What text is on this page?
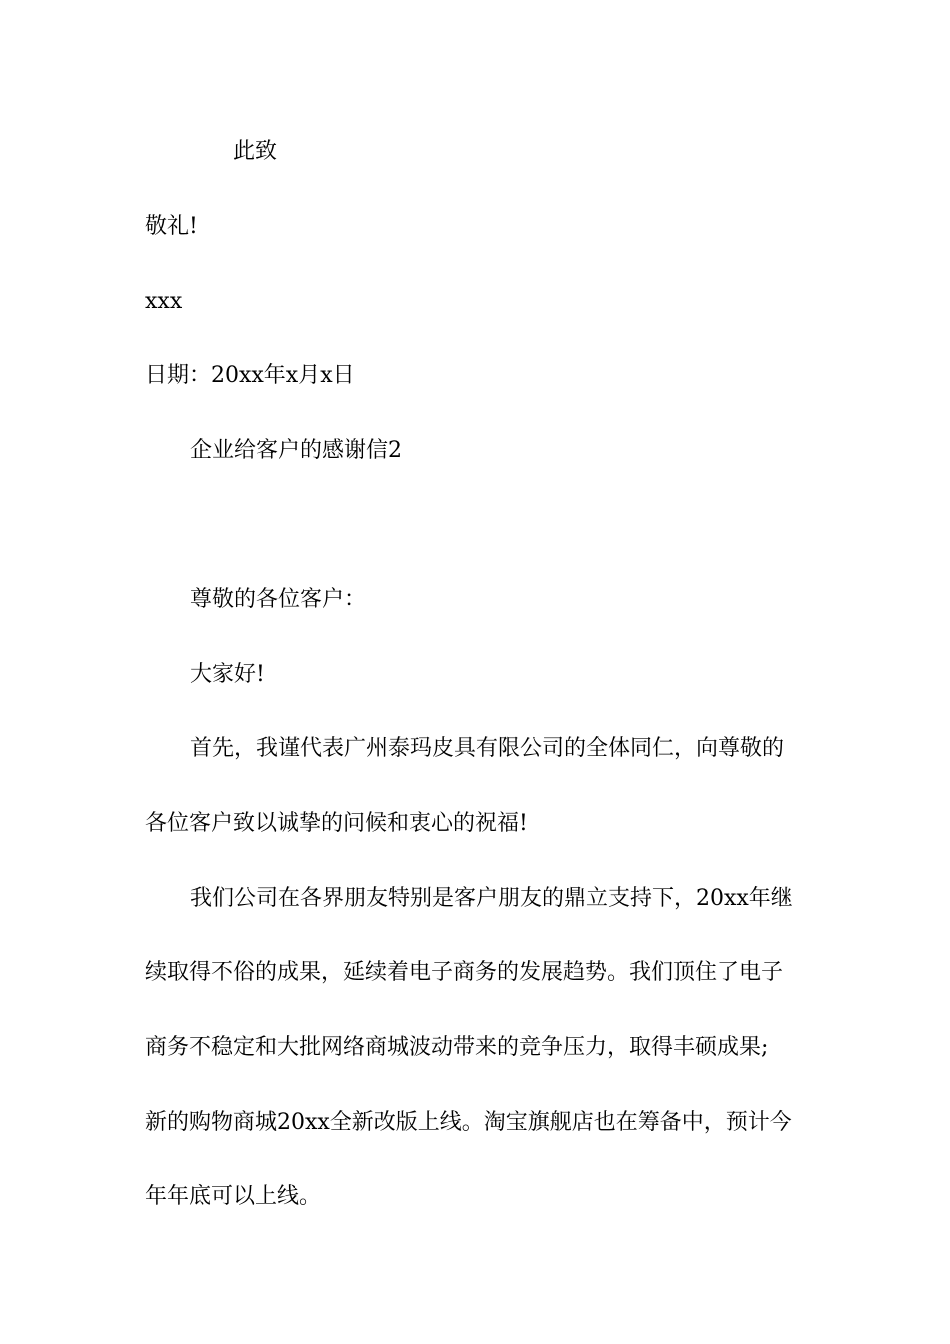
此致
敬礼!
xxx
日期：20xx年x月x日
企业给客户的感谢信2
尊敬的各位客户：
大家好!
首先，我谨代表广州泰玛皮具有限公司的全体同仁，向尊敬的
各位客户致以诚挚的问候和衷心的祝福!
我们公司在各界朋友特别是客户朋友的鼎立支持下，20xx年继
续取得不俗的成果，延续着电子商务的发展趋势。我们顶住了电子
商务不稳定和大批网络商城波动带来的竞争压力，取得丰硕成果;
新的购物商城20xx全新改版上线。淘宝旗舰店也在筹备中，预计今
年年底可以上线。
